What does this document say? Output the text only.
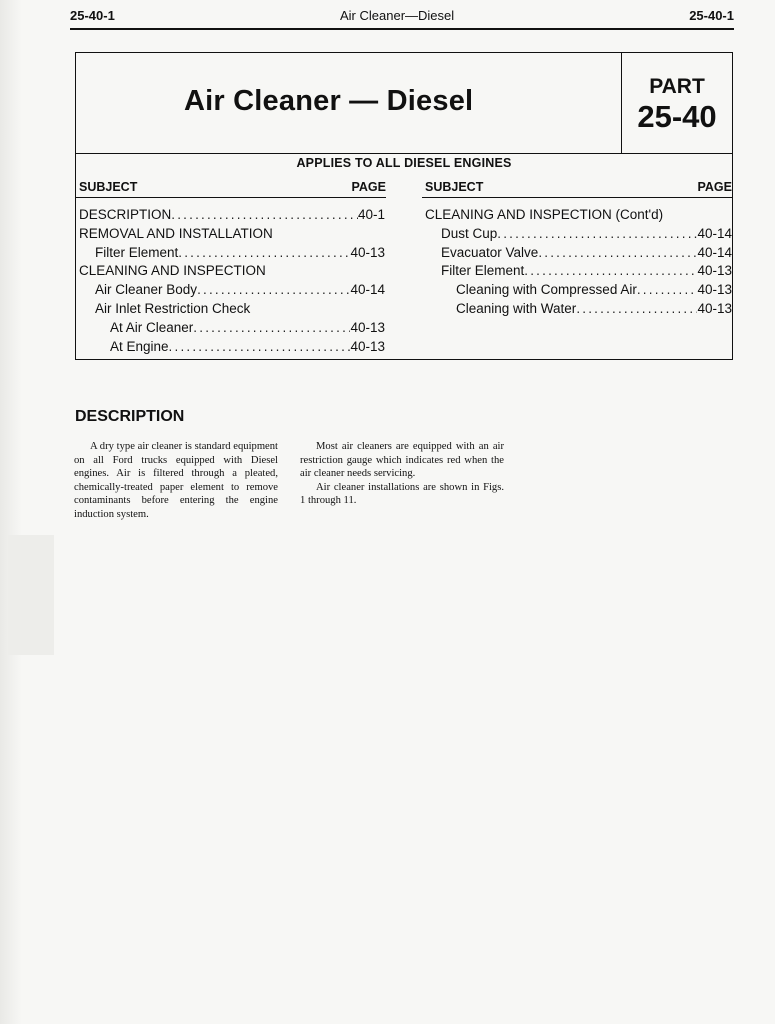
25-40-1	Air Cleaner—Diesel	25-40-1
Air Cleaner — Diesel	PART
25-40
APPLIES TO ALL DIESEL ENGINES
SUBJECT	PAGE	SUBJECT	PAGE
DESCRIPTION .....	40-1
REMOVAL AND INSTALLATION
Filter Element .....	40-13
CLEANING AND INSPECTION
Air Cleaner Body .....	40-14
Air Inlet Restriction Check
At Air Cleaner .....	40-13
At Engine .....	40-13
CLEANING AND INSPECTION (Cont'd)
Dust Cup .....	40-14
Evacuator Valve .....	40-14
Filter Element .....	40-13
Cleaning with Compressed Air .....	40-13
Cleaning with Water .....	40-13
DESCRIPTION

A dry type air cleaner is standard equipment on all Ford trucks equipped with Diesel engines. Air is filtered through a pleated, chemically-treated paper element to remove contaminants before entering the engine induction system.

Most air cleaners are equipped with an air restriction gauge which indicates red when the air cleaner needs servicing.

Air cleaner installations are shown in Figs. 1 through 11.
